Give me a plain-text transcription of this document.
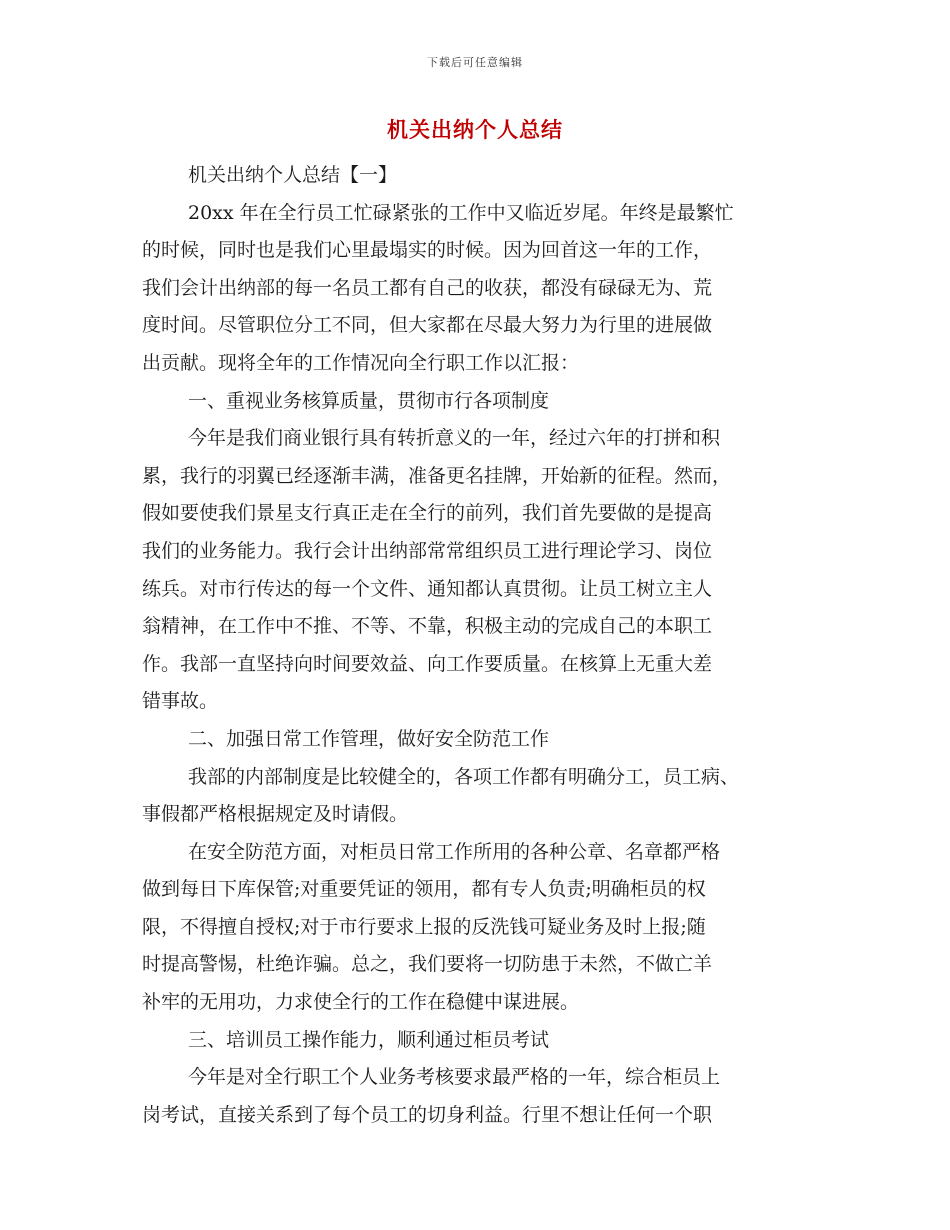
下载后可任意编辑
机关出纳个人总结
机关出纳个人总结【一】
20xx 年在全行员工忙碌紧张的工作中又临近岁尾。年终是最繁忙
的时候，同时也是我们心里最塌实的时候。因为回首这一年的工作，
我们会计出纳部的每一名员工都有自己的收获，都没有碌碌无为、荒
度时间。尽管职位分工不同，但大家都在尽最大努力为行里的进展做
出贡献。现将全年的工作情况向全行职工作以汇报：
一、重视业务核算质量，贯彻市行各项制度
今年是我们商业银行具有转折意义的一年，经过六年的打拼和积
累，我行的羽翼已经逐渐丰满，准备更名挂牌，开始新的征程。然而，
假如要使我们景星支行真正走在全行的前列，我们首先要做的是提高
我们的业务能力。我行会计出纳部常常组织员工进行理论学习、岗位
练兵。对市行传达的每一个文件、通知都认真贯彻。让员工树立主人
翁精神，在工作中不推、不等、不靠，积极主动的完成自己的本职工
作。我部一直坚持向时间要效益、向工作要质量。在核算上无重大差
错事故。
二、加强日常工作管理，做好安全防范工作
我部的内部制度是比较健全的，各项工作都有明确分工，员工病、
事假都严格根据规定及时请假。
在安全防范方面，对柜员日常工作所用的各种公章、名章都严格
做到每日下库保管;对重要凭证的领用，都有专人负责;明确柜员的权
限，不得擅自授权;对于市行要求上报的反洗钱可疑业务及时上报;随
时提高警惕，杜绝诈骗。总之，我们要将一切防患于未然，不做亡羊
补牢的无用功，力求使全行的工作在稳健中谋进展。
三、培训员工操作能力，顺利通过柜员考试
今年是对全行职工个人业务考核要求最严格的一年，综合柜员上
岗考试，直接关系到了每个员工的切身利益。行里不想让任何一个职
